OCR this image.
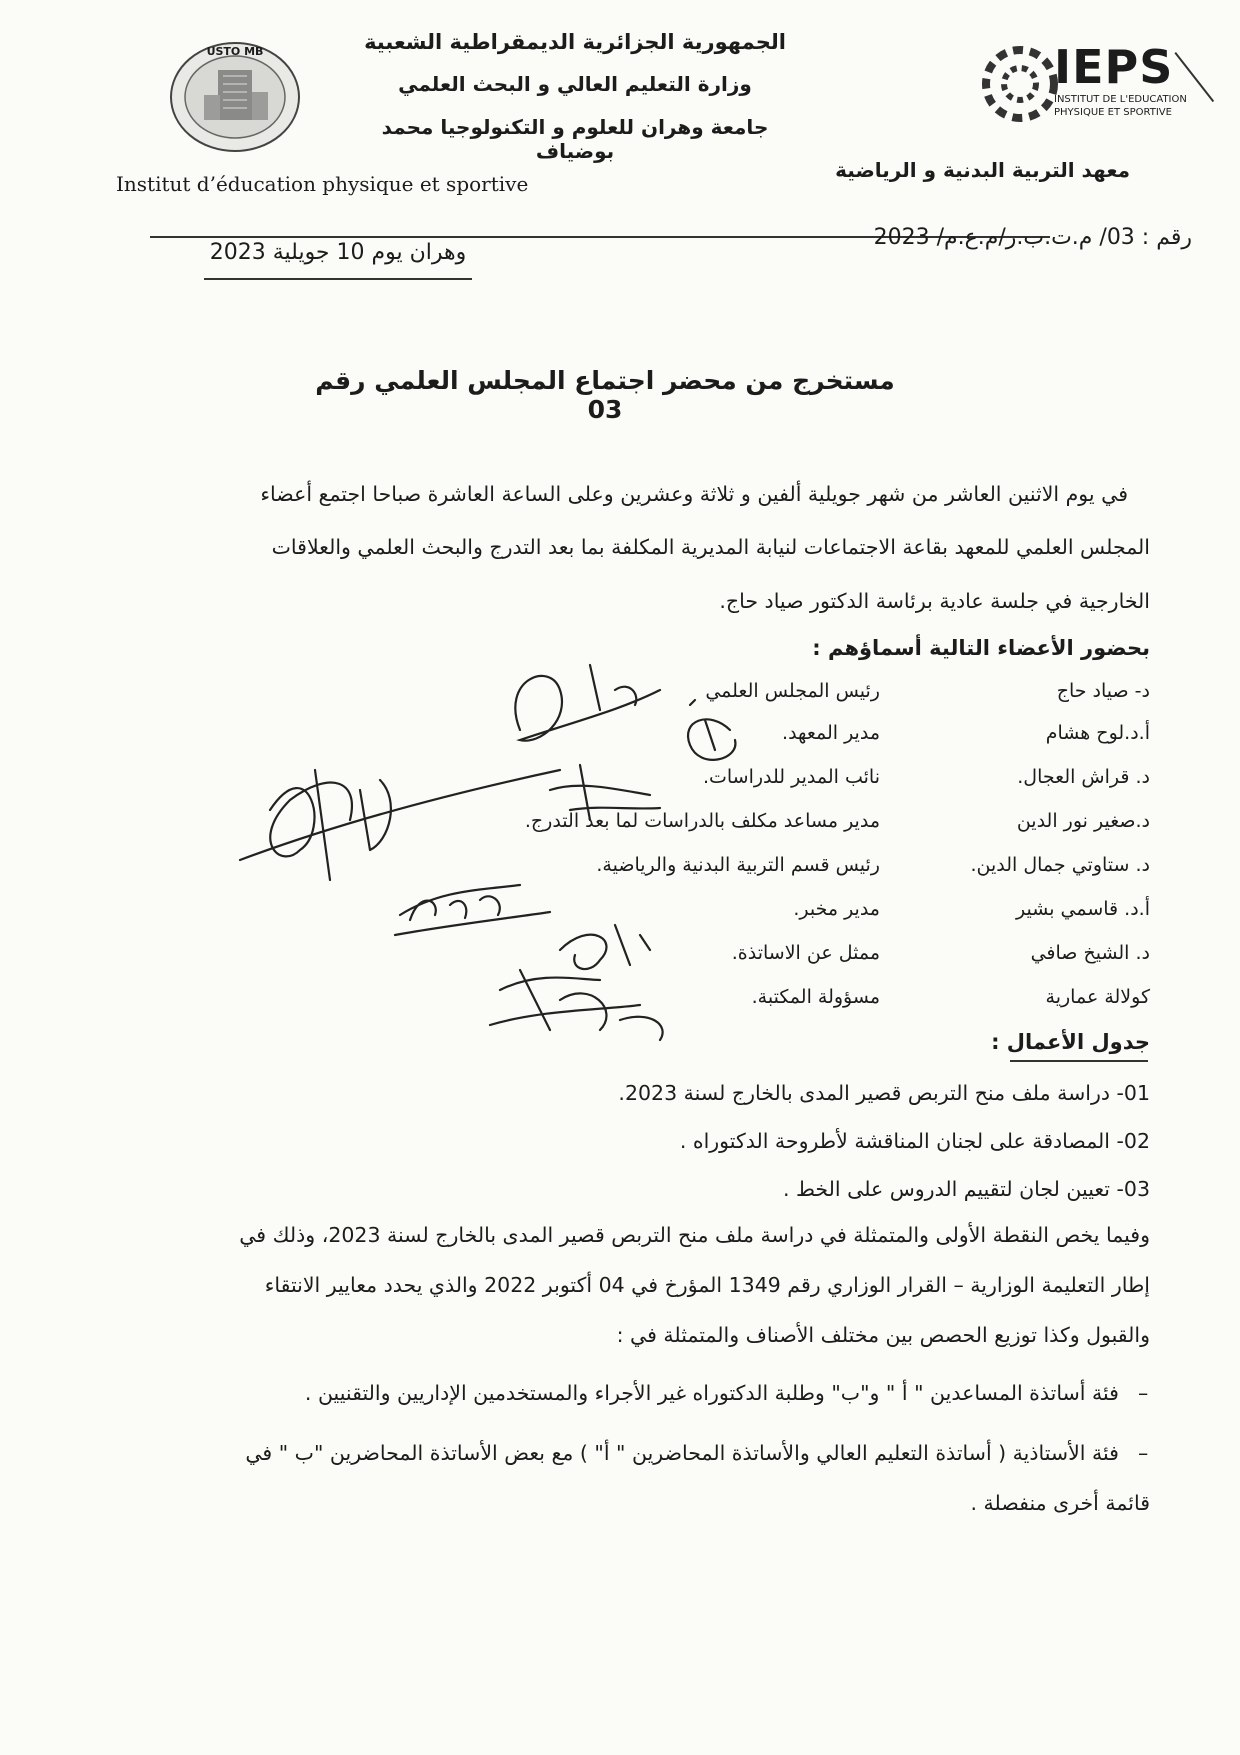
USTO MB	الجمهورية الجزائرية الديمقراطية الشعبية
وزارة التعليم العالي و البحث العلمي
جامعة وهران للعلوم و التكنولوجيا محمد بوضياف
IEPS
INSTITUT DE L'EDUCATION
PHYSIQUE ET SPORTIVE
Institut d’éducation physique et sportive
معهد التربية البدنية و الرياضية
رقم : 03/ م.ت.ب.ر/م.ع.م/ 2023
وهران يوم 10 جويلية 2023
مستخرج من محضر اجتماع المجلس العلمي رقم 03
في يوم الاثنين العاشر من شهر جويلية ألفين و ثلاثة وعشرين وعلى الساعة العاشرة صباحا اجتمع أعضاء
المجلس العلمي للمعهد بقاعة الاجتماعات لنيابة المديرية المكلفة بما بعد التدرج والبحث العلمي والعلاقات
الخارجية في جلسة عادية برئاسة الدكتور صياد حاج.
بحضور الأعضاء التالية أسماؤهم :
د- صياد حاج
رئيس المجلس العلمي
أ.د.لوح هشام
مدير المعهد.
د. قراش العجال.
نائب المدير للدراسات.
د.صغير نور الدين
مدير مساعد مكلف بالدراسات لما بعد التدرج.
د. ستاوتي جمال الدين.
رئيس قسم التربية البدنية والرياضية.
أ.د. قاسمي بشير
مدير مخبر.
د. الشيخ صافي
ممثل عن الاساتذة.
كولالة عمارية
مسؤولة المكتبة.
جدول الأعمال :
01- دراسة ملف منح التربص قصير المدى بالخارج لسنة 2023.
02- المصادقة على لجنان المناقشة لأطروحة الدكتوراه .
03- تعيين لجان لتقييم الدروس على الخط .
وفيما يخص النقطة الأولى والمتمثلة في دراسة ملف منح التربص قصير المدى بالخارج لسنة 2023، وذلك في
إطار التعليمة الوزارية – القرار الوزاري رقم 1349 المؤرخ في 04 أكتوبر 2022 والذي يحدد معايير الانتقاء
والقبول وكذا توزيع الحصص بين مختلف الأصناف والمتمثلة في :
–
فئة أساتذة المساعدين " أ " و"ب" وطلبة الدكتوراه غير الأجراء والمستخدمين الإداريين والتقنيين .
–
فئة الأستاذية ( أساتذة التعليم العالي والأساتذة المحاضرين " أ" ) مع بعض الأساتذة المحاضرين "ب " في
قائمة أخرى منفصلة .
